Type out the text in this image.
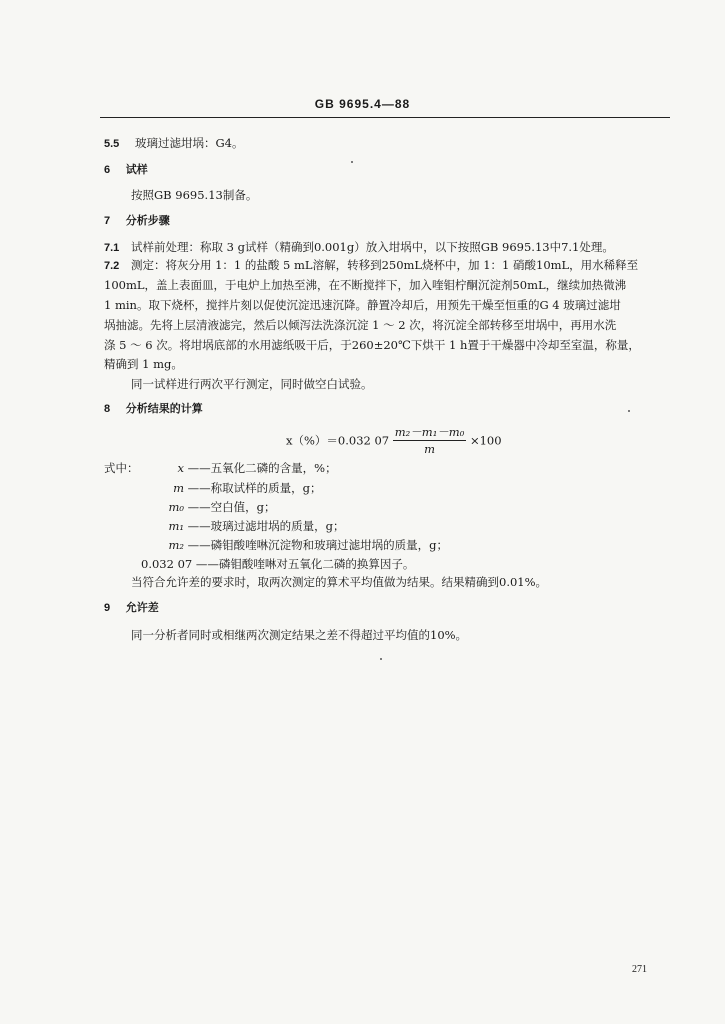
GB 9695.4—88
5.5 玻璃过滤坩埚：G4。
6 试样
按照GB 9695.13制备。
7 分析步骤
7.1 试样前处理：称取 3 g试样（精确到0.001g）放入坩埚中，以下按照GB 9695.13中7.1处理。
7.2 测定：将灰分用 1：1 的盐酸 5 mL溶解，转移到250mL烧杯中，加 1：1 硝酸10mL，用水稀释至
100mL，盖上表面皿，于电炉上加热至沸，在不断搅拌下，加入喹钼柠酮沉淀剂50mL，继续加热微沸
1 min。取下烧杯，搅拌片刻以促使沉淀迅速沉降。静置冷却后，用预先干燥至恒重的G 4 玻璃过滤坩
埚抽滤。先将上层清液滤完，然后以倾泻法洗涤沉淀 1 ～ 2 次，将沉淀全部转移至坩埚中，再用水洗
涤 5 ～ 6 次。将坩埚底部的水用滤纸吸干后，于260±20℃下烘干 1 h置于干燥器中冷却至室温，称量，
精确到 1 mg。
同一试样进行两次平行测定，同时做空白试验。
8 分析结果的计算
x（%）＝0.032 $07 \frac{\text{m₂－m₁－m₀}}{m} \times 100$
式中：	x ——五氧化二磷的含量，%；
m ——称取试样的质量，g；
m₀ ——空白值，g；
m₁ ——玻璃过滤坩埚的质量，g；
m₂ ——磷钼酸喹啉沉淀物和玻璃过滤坩埚的质量，g；
0.032 07 ——磷钼酸喹啉对五氧化二磷的换算因子。
当符合允许差的要求时，取两次测定的算术平均值做为结果。结果精确到0.01%。
9 允许差
同一分析者同时或相继两次测定结果之差不得超过平均值的10%。
271
